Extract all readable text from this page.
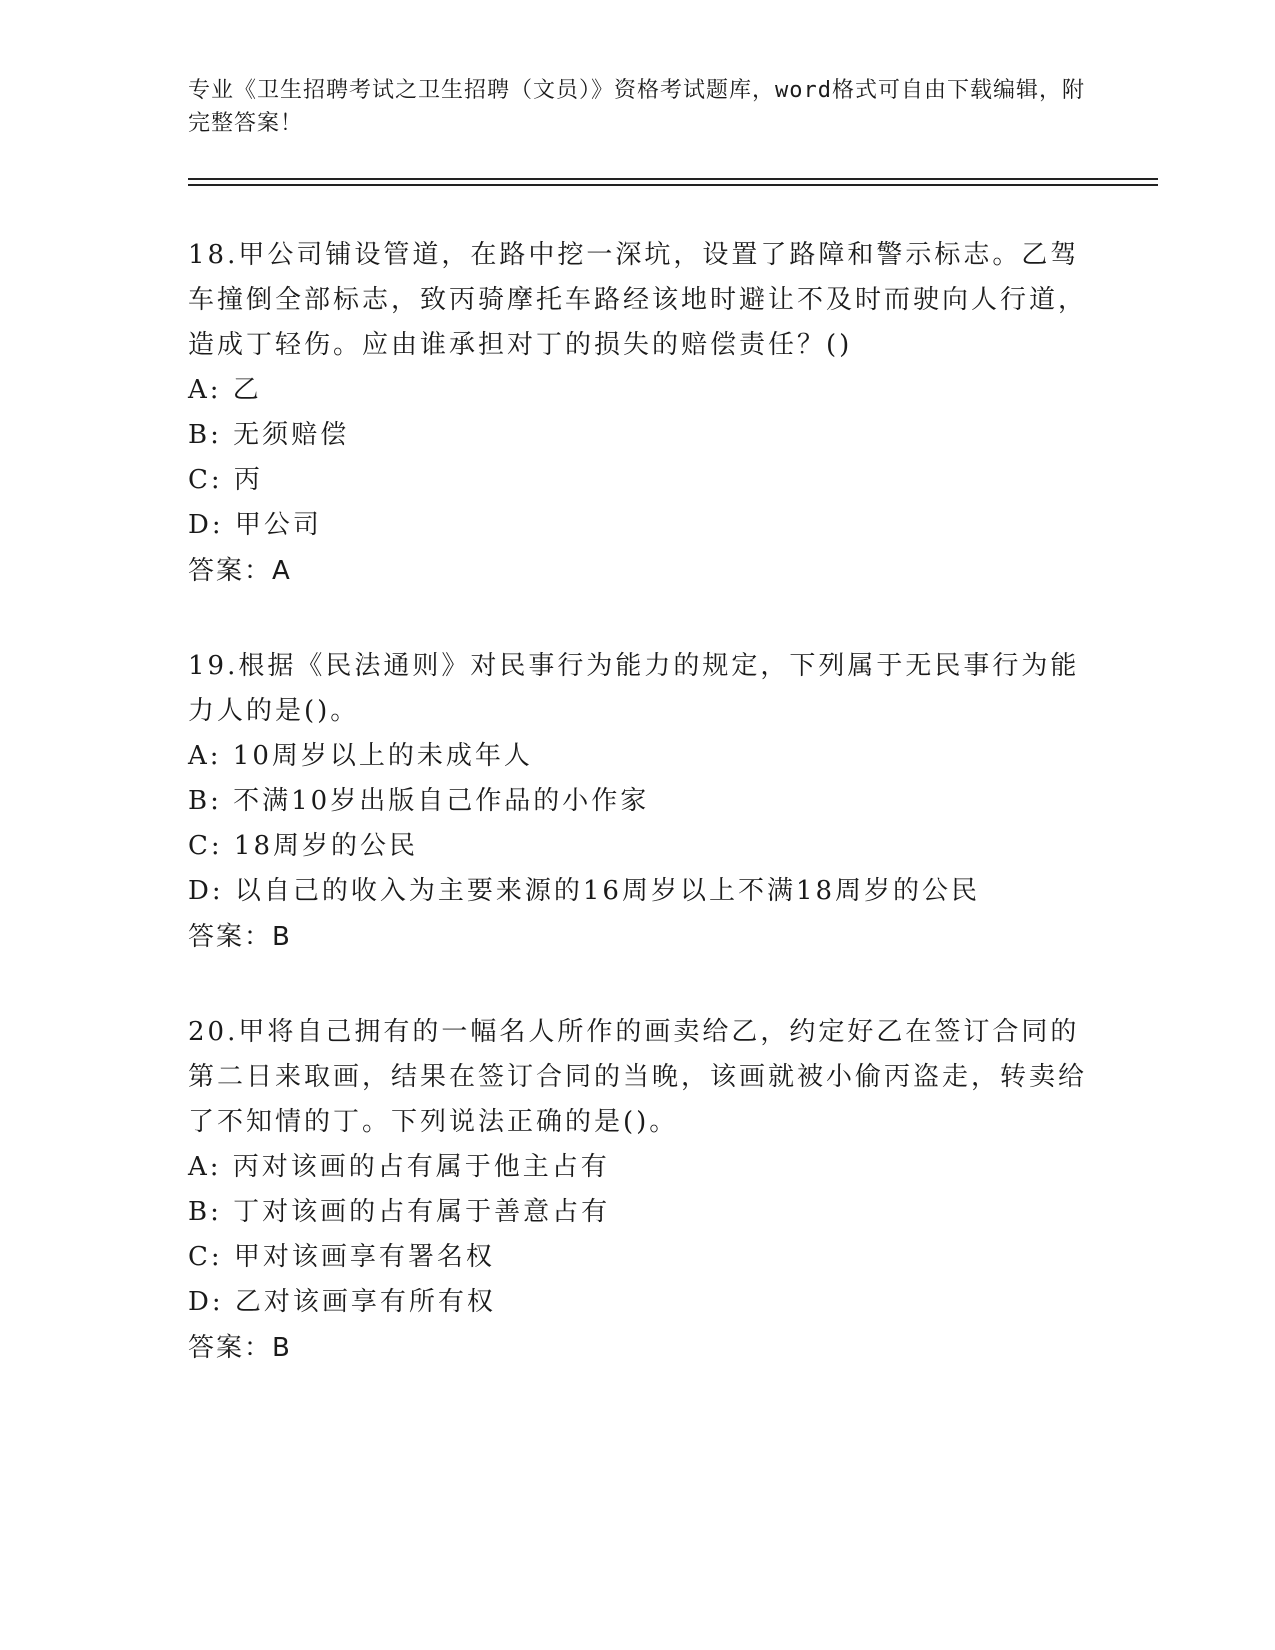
专业《卫生招聘考试之卫生招聘（文员）》资格考试题库，word格式可自由下载编辑，附完整答案！

18.甲公司铺设管道，在路中挖一深坑，设置了路障和警示标志。乙驾车撞倒全部标志，致丙骑摩托车路经该地时避让不及时而驶向人行道，造成丁轻伤。应由谁承担对丁的损失的赔偿责任？()

A: 乙

B: 无须赔偿

C: 丙

D: 甲公司

答案：A

19.根据《民法通则》对民事行为能力的规定，下列属于无民事行为能力人的是()。

A: 10周岁以上的未成年人

B: 不满10岁出版自己作品的小作家

C: 18周岁的公民

D: 以自己的收入为主要来源的16周岁以上不满18周岁的公民

答案：B

20.甲将自己拥有的一幅名人所作的画卖给乙，约定好乙在签订合同的第二日来取画，结果在签订合同的当晚，该画就被小偷丙盗走，转卖给了不知情的丁。下列说法正确的是()。

A: 丙对该画的占有属于他主占有

B: 丁对该画的占有属于善意占有

C: 甲对该画享有署名权

D: 乙对该画享有所有权

答案：B
